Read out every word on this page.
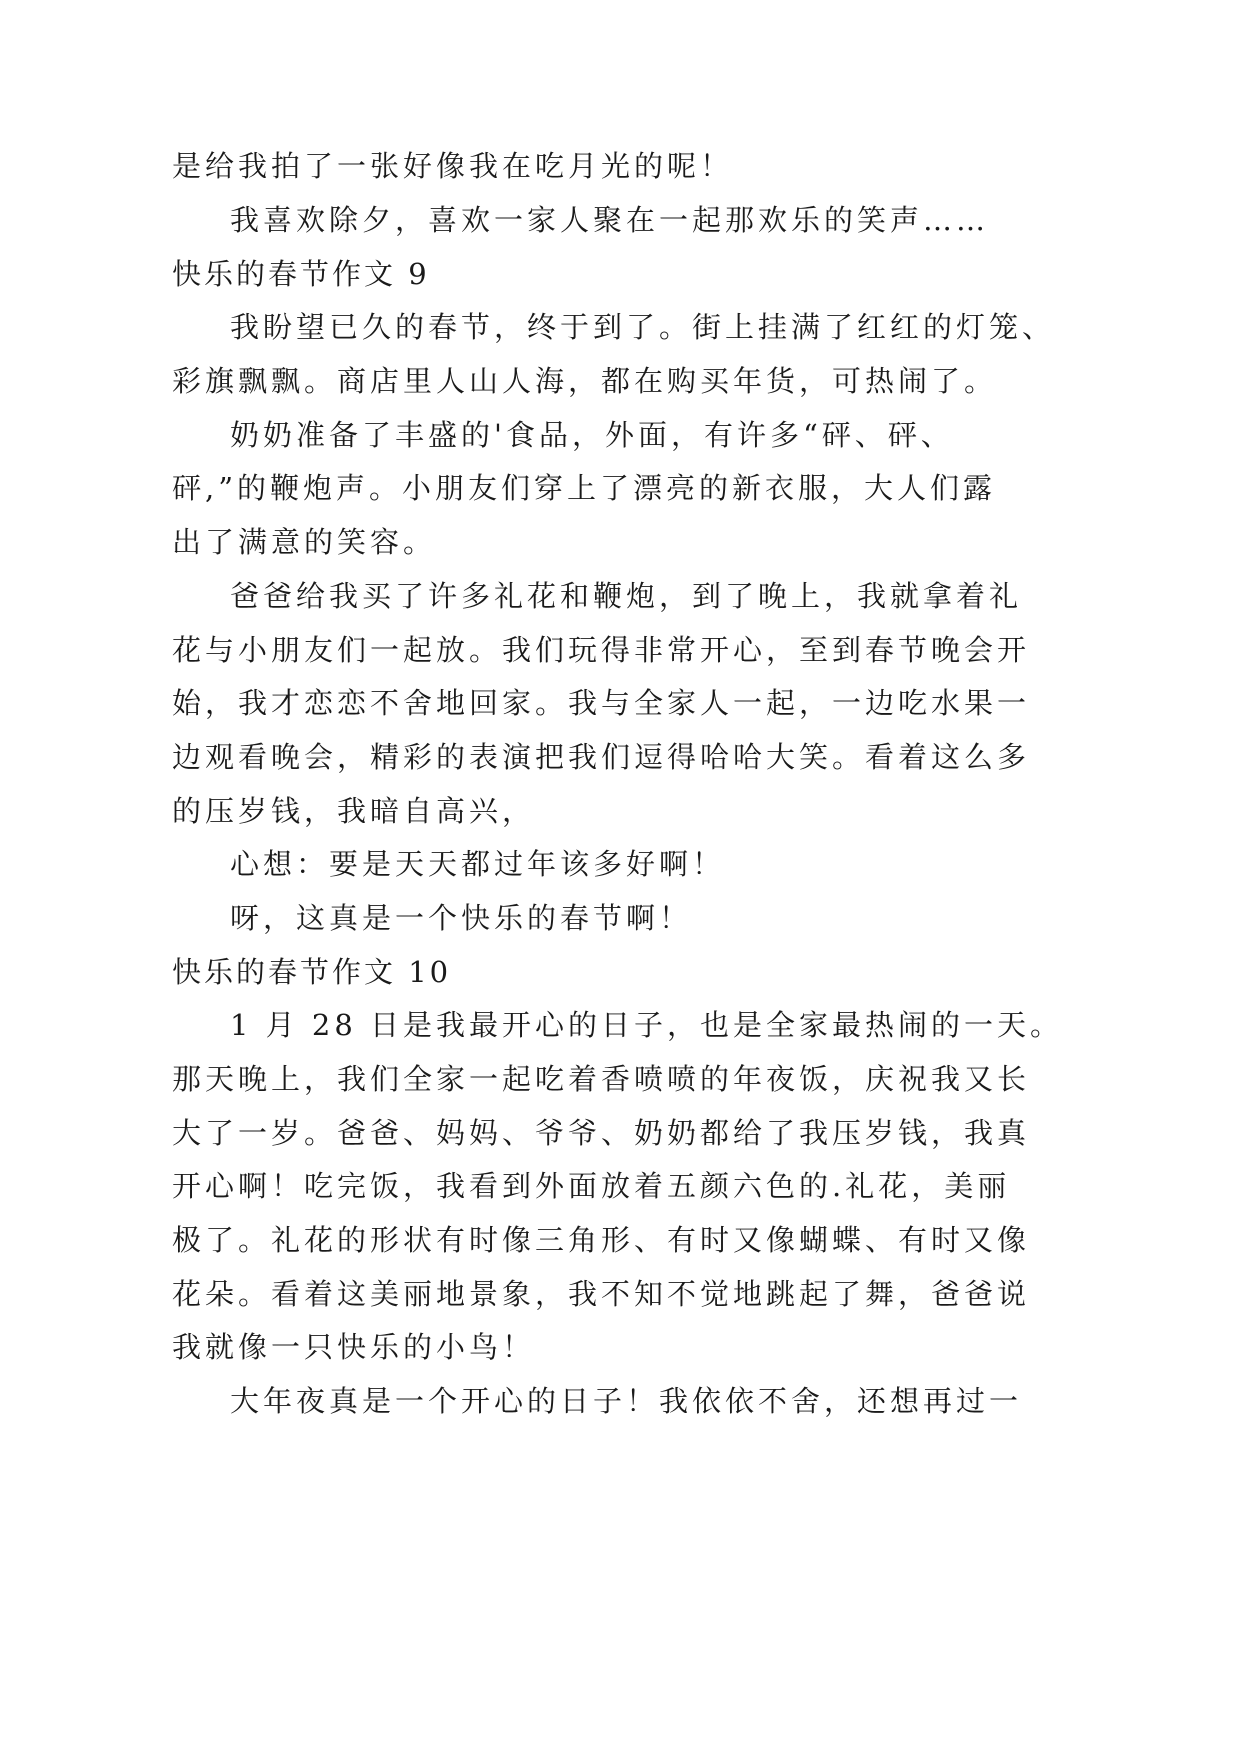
是给我拍了一张好像我在吃月光的呢！
我喜欢除夕，喜欢一家人聚在一起那欢乐的笑声……
快乐的春节作文 9
我盼望已久的春节，终于到了。街上挂满了红红的灯笼、
彩旗飘飘。商店里人山人海，都在购买年货，可热闹了。
奶奶准备了丰盛的'食品，外面，有许多“砰、砰、
砰,”的鞭炮声。小朋友们穿上了漂亮的新衣服，大人们露
出了满意的笑容。
爸爸给我买了许多礼花和鞭炮，到了晚上，我就拿着礼
花与小朋友们一起放。我们玩得非常开心，至到春节晚会开
始，我才恋恋不舍地回家。我与全家人一起，一边吃水果一
边观看晚会，精彩的表演把我们逗得哈哈大笑。看着这么多
的压岁钱，我暗自高兴，
心想：要是天天都过年该多好啊！
呀，这真是一个快乐的春节啊！
快乐的春节作文 10
1 月 28 日是我最开心的日子，也是全家最热闹的一天。
那天晚上，我们全家一起吃着香喷喷的年夜饭，庆祝我又长
大了一岁。爸爸、妈妈、爷爷、奶奶都给了我压岁钱，我真
开心啊！吃完饭，我看到外面放着五颜六色的.礼花，美丽
极了。礼花的形状有时像三角形、有时又像蝴蝶、有时又像
花朵。看着这美丽地景象，我不知不觉地跳起了舞，爸爸说
我就像一只快乐的小鸟！
大年夜真是一个开心的日子！我依依不舍，还想再过一
